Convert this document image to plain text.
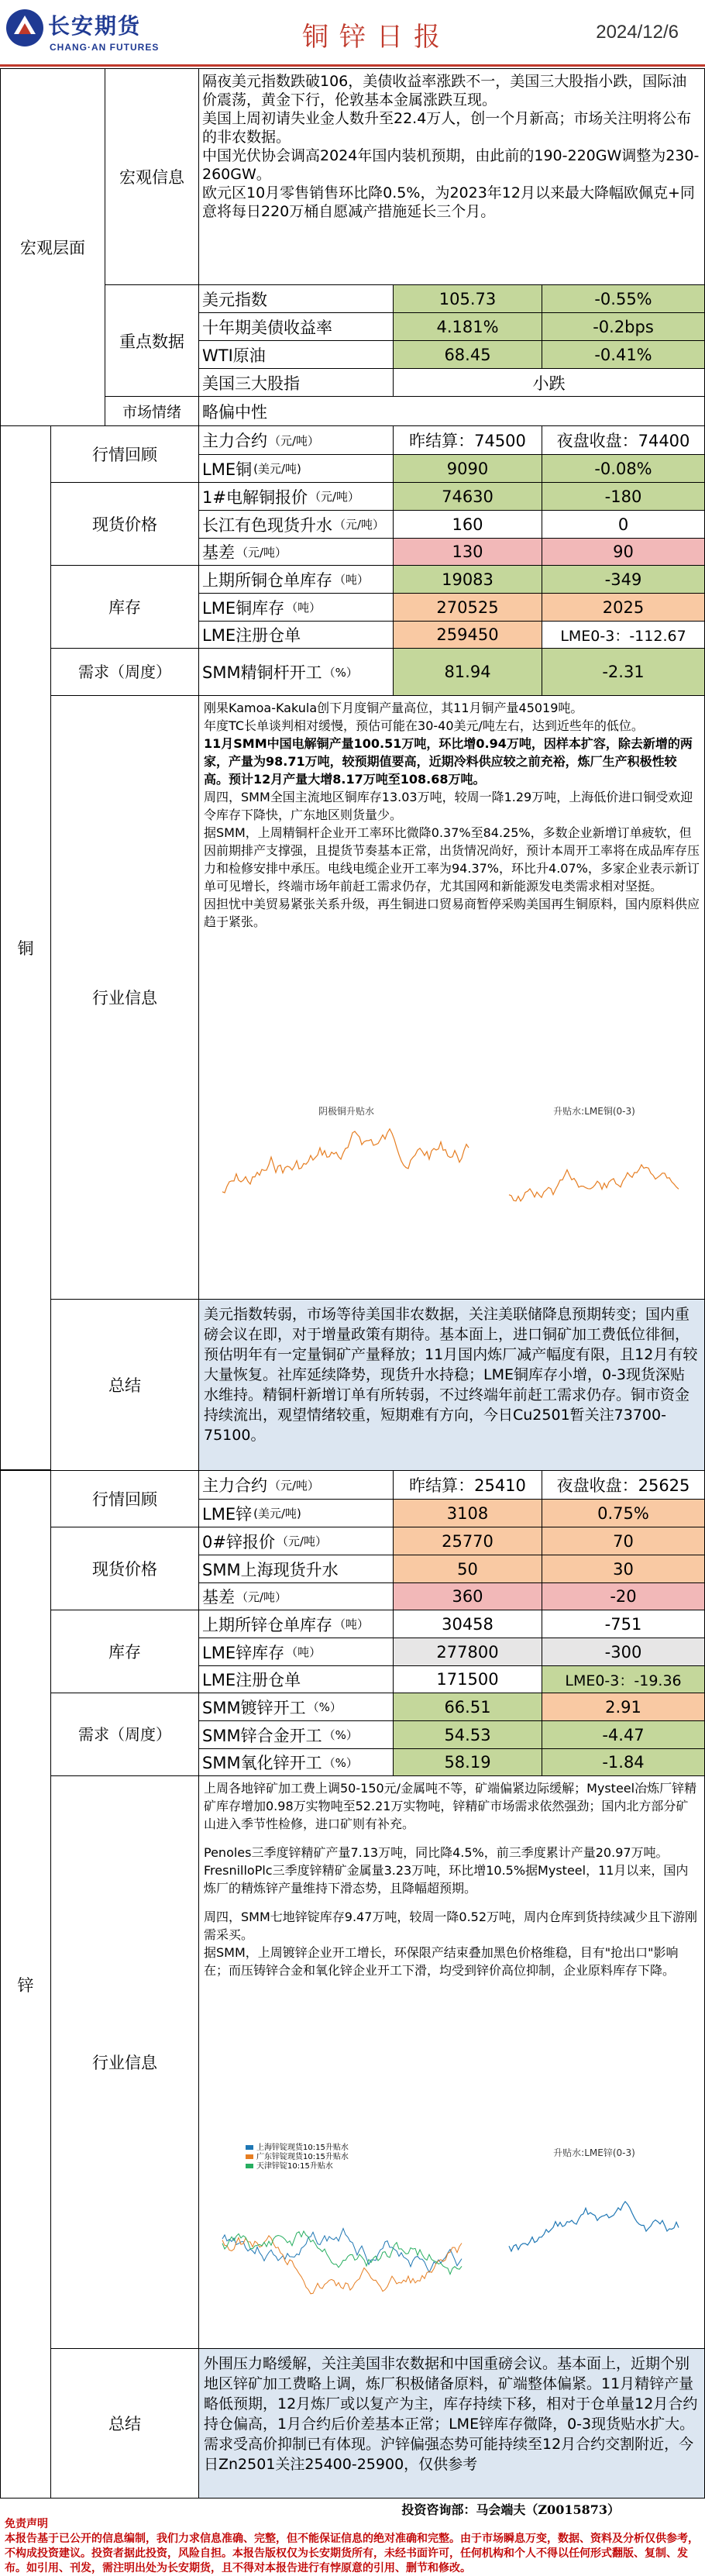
长安期货
CHANG·AN FUTURES	铜锌日报	2024/12/6
宏观层面
宏观信息
隔夜美元指数跌破106，美债收益率涨跌不一，美国三大股指小跌，国际油价震荡，黄金下行，伦敦基本金属涨跌互现。
美国上周初请失业金人数升至22.4万人，创一个月新高；市场关注明将公布的非农数据。
中国光伏协会调高2024年国内装机预期，由此前的190-220GW调整为230-260GW。
欧元区10月零售销售环比降0.5%，为2023年12月以来最大降幅欧佩克+同意将每日220万桶自愿减产措施延长三个月。
重点数据
美元指数	105.73	-0.55%
十年期美债收益率	4.181%	-0.2bps
WTI原油	68.45	-0.41%
美国三大股指	小跌
市场情绪	略偏中性
铜
行情回顾
主力合约 （元/吨）	昨结算：74500	夜盘收盘：74400
LME铜 (美元/吨)	9090	-0.08%
现货价格
1#电解铜报价 （元/吨）	74630	-180
长江有色现货升水 （元/吨）	160	0
基差 （元/吨）	130	90
库存
上期所铜仓单库存 （吨）	19083	-349
LME铜库存 （吨）	270525	2025
LME注册仓单	259450	LME0-3：-112.67
需求（周度）	SMM精铜杆开工 （%）	81.94	-2.31
行业信息
刚果Kamoa-Kakula创下月度铜产量高位，其11月铜产量45019吨。
年度TC长单谈判相对缓慢，预估可能在30-40美元/吨左右，达到近些年的低位。
11月SMM中国电解铜产量100.51万吨，环比增0.94万吨，因样本扩容，除去新增的两家，产量为98.71万吨，较预期值要高，近期冷料供应较之前充裕，炼厂生产积极性较高。预计12月产量大增8.17万吨至108.68万吨。
周四，SMM全国主流地区铜库存13.03万吨，较周一降1.29万吨，上海低价进口铜受欢迎令库存下降快，广东地区则货量少。
据SMM，上周精铜杆企业开工率环比微降0.37%至84.25%，多数企业新增订单疲软，但因前期排产支撑强，且提货节奏基本正常，出货情况尚好，预计本周开工率将在成品库存压力和检修安排中承压。电线电缆企业开工率为94.37%，环比升4.07%，多家企业表示新订单可见增长，终端市场年前赶工需求仍存，尤其国网和新能源发电类需求相对坚挺。
因担忧中美贸易紧张关系升级，再生铜进口贸易商暂停采购美国再生铜原料，国内原料供应趋于紧张。
阴极铜升贴水	升贴水:LME铜(0-3)
总结
美元指数转弱，市场等待美国非农数据，关注美联储降息预期转变；国内重磅会议在即，对于增量政策有期待。基本面上，进口铜矿加工费低位徘徊，预估明年有一定量铜矿产量释放；11月国内炼厂减产幅度有限，且12月有较大量恢复。社库延续降势，现货升水持稳；LME铜库存小增，0-3现货深贴水维持。精铜杆新增订单有所转弱，不过终端年前赶工需求仍存。铜市资金持续流出，观望情绪较重，短期难有方向，今日Cu2501暂关注73700-75100。
锌
行情回顾
主力合约 （元/吨）	昨结算：25410	夜盘收盘：25625
LME锌 (美元/吨)	3108	0.75%
现货价格
0#锌报价 （元/吨）	25770	70
SMM上海现货升水	50	30
基差 （元/吨）	360	-20
库存
上期所锌仓单库存 （吨）	30458	-751
LME锌库存 （吨）	277800	-300
LME注册仓单	171500	LME0-3：-19.36
需求（周度）
SMM镀锌开工 （%）	66.51	2.91
SMM锌合金开工 （%）	54.53	-4.47
SMM氧化锌开工 （%）	58.19	-1.84
行业信息
上周各地锌矿加工费上调50-150元/金属吨不等，矿端偏紧边际缓解；Mysteel冶炼厂锌精矿库存增加0.98万实物吨至52.21万实物吨，锌精矿市场需求依然强劲；国内北方部分矿山进入季节性检修，进口矿则有补充。
Penoles三季度锌精矿产量7.13万吨，同比降4.5%，前三季度累计产量20.97万吨。FresnilloPlc三季度锌精矿金属量3.23万吨，环比增10.5%据Mysteel，11月以来，国内炼厂的精炼锌产量维持下滑态势，且降幅超预期。
周四，SMM七地锌锭库存9.47万吨，较周一降0.52万吨，周内仓库到货持续减少且下游刚需采买。
据SMM，上周镀锌企业开工增长，环保限产结束叠加黑色价格维稳，目有"抢出口"影响在；而压铸锌合金和氧化锌企业开工下滑，均受到锌价高位抑制，企业原料库存下降。
上海锌锭现货10:15升贴水
广东锌锭现货10:15升贴水
天津锌锭10:15升贴水
升贴水:LME锌(0-3)
总结
外围压力略缓解，关注美国非农数据和中国重磅会议。基本面上，近期个别地区锌矿加工费略上调，炼厂积极储备原料，矿端整体偏紧。11月精锌产量略低预期，12月炼厂或以复产为主，库存持续下移，相对于仓单量12月合约持仓偏高，1月合约后价差基本正常；LME锌库存微降，0-3现货贴水扩大。需求受高价抑制已有体现。沪锌偏强态势可能持续至12月合约交割附近，今日Zn2501关注25400-25900，仅供参考
投资咨询部：马会端夫（Z0015873）
免责声明
本报告基于已公开的信息编制，我们力求信息准确、完整，但不能保证信息的绝对准确和完整。由于市场瞬息万变，数据、资料及分析仅供参考，不构成投资建议。投资者据此投资，风险自担。本报告版权仅为长安期货所有，未经书面许可，任何机构和个人不得以任何形式翻版、复制、发布。如引用、刊发，需注明出处为长安期货，且不得对本报告进行有悖原意的引用、删节和修改。
